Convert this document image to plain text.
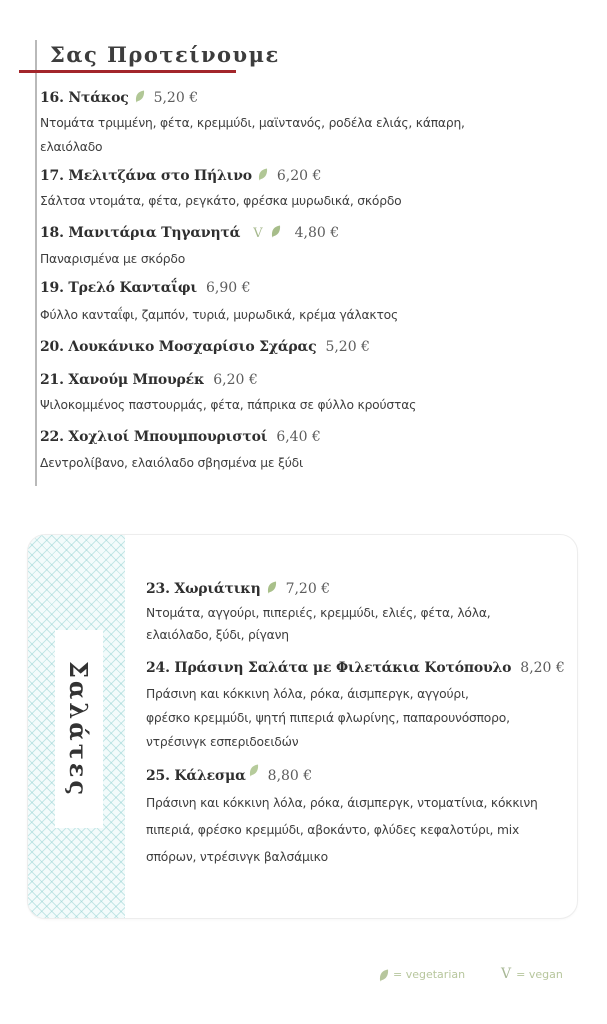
Σας Προτείνουμε
16. Ντάκος 5,20 €
Ντομάτα τριμμένη, φέτα, κρεμμύδι, μαϊντανός, ροδέλα ελιάς, κάπαρη,
ελαιόλαδο
17. Μελιτζάνα στο Πήλινο 6,20 €
Σάλτσα ντομάτα, φέτα, ρεγκάτο, φρέσκα μυρωδικά, σκόρδο
18. Μανιτάρια Τηγανητά V 4,80 €
Παναρισμένα με σκόρδο
19. Τρελό Κανταΐφι 6,90 €
Φύλλο κανταΐφι, ζαμπόν, τυριά, μυρωδικά, κρέμα γάλακτος
20. Λουκάνικο Μοσχαρίσιο Σχάρας 5,20 €
21. Χανούμ Μπουρέκ 6,20 €
Ψιλοκομμένος παστουρμάς, φέτα, πάπρικα σε φύλλο κρούστας
22. Χοχλιοί Μπουμπουριστοί 6,40 €
Δεντρολίβανο, ελαιόλαδο σβησμένα με ξύδι
Σαλάτες
23. Χωριάτικη 7,20 €
Ντομάτα, αγγούρι, πιπεριές, κρεμμύδι, ελιές, φέτα, λόλα,
ελαιόλαδο, ξύδι, ρίγανη
24. Πράσινη Σαλάτα με Φιλετάκια Κοτόπουλο 8,20 €
Πράσινη και κόκκινη λόλα, ρόκα, άισμπεργκ, αγγούρι,
φρέσκο κρεμμύδι, ψητή πιπεριά φλωρίνης, παπαρουνόσπορο,
ντρέσινγκ εσπεριδοειδών
25. Κάλεσμα 8,80 €
Πράσινη και κόκκινη λόλα, ρόκα, άισμπεργκ, ντοματίνια, κόκκινη
πιπεριά, φρέσκο κρεμμύδι, αβοκάντο, φλύδες κεφαλοτύρι, mix
σπόρων, ντρέσινγκ βαλσάμικο
= vegetarian	V = vegan
